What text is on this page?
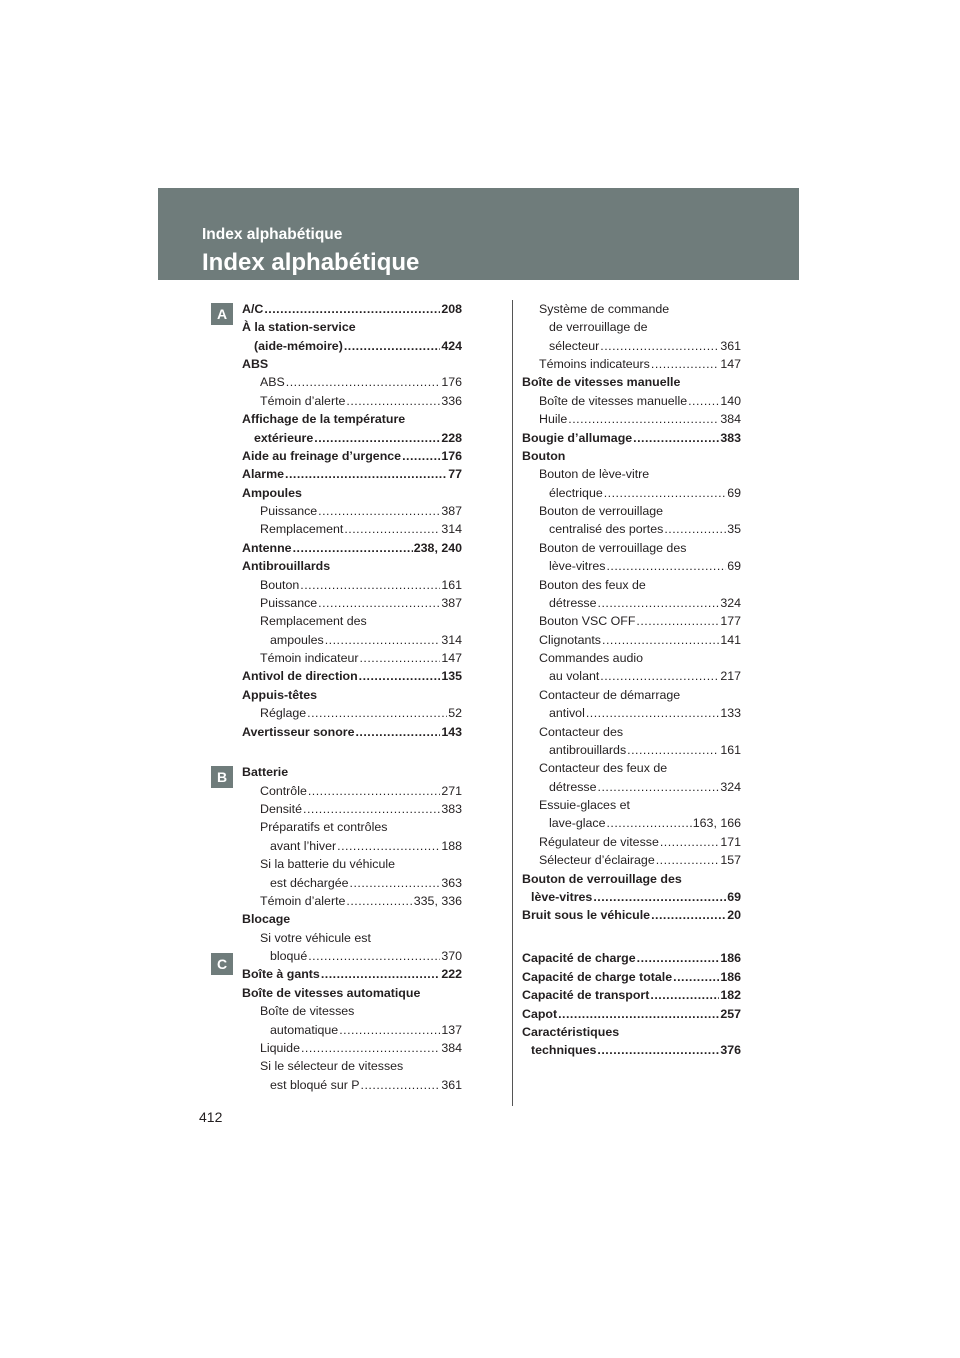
Index alphabétique
Index alphabétique
A
B
C
A/C .....	208
À la station-service
(aide-mémoire) .....	424
ABS
ABS .....	176
Témoin d’alerte .....	336
Affichage de la température
extérieure .....	228
Aide au freinage d’urgence .....	176
Alarme .....	77
Ampoules
Puissance .....	387
Remplacement .....	314
Antenne .....	238, 240
Antibrouillards
Bouton .....	161
Puissance .....	387
Remplacement des
ampoules .....	314
Témoin indicateur .....	147
Antivol de direction .....	135
Appuis-têtes
Réglage .....	52
Avertisseur sonore .....	143
Batterie
Contrôle .....	271
Densité .....	383
Préparatifs et contrôles
avant l’hiver .....	188
Si la batterie du véhicule
est déchargée .....	363
Témoin d’alerte .....	335, 336
Blocage
Si votre véhicule est
bloqué .....	370
Boîte à gants .....	222
Boîte de vitesses automatique
Boîte de vitesses
automatique .....	137
Liquide .....	384
Si le sélecteur de vitesses
est bloqué sur P .....	361
Système de commande
de verrouillage de
sélecteur .....	361
Témoins indicateurs .....	147
Boîte de vitesses manuelle
Boîte de vitesses manuelle .....	140
Huile .....	384
Bougie d’allumage .....	383
Bouton
Bouton de lève-vitre
électrique .....	69
Bouton de verrouillage
centralisé des portes .....	35
Bouton de verrouillage des
lève-vitres .....	69
Bouton des feux de
détresse .....	324
Bouton VSC OFF .....	177
Clignotants .....	141
Commandes audio
au volant .....	217
Contacteur de démarrage
antivol .....	133
Contacteur des
antibrouillards .....	161
Contacteur des feux de
détresse .....	324
Essuie-glaces et
lave-glace .....	163, 166
Régulateur de vitesse .....	171
Sélecteur d’éclairage .....	157
Bouton de verrouillage des
lève-vitres .....	69
Bruit sous le véhicule .....	20
Capacité de charge .....	186
Capacité de charge totale .....	186
Capacité de transport .....	182
Capot .....	257
Caractéristiques
techniques .....	376
412
